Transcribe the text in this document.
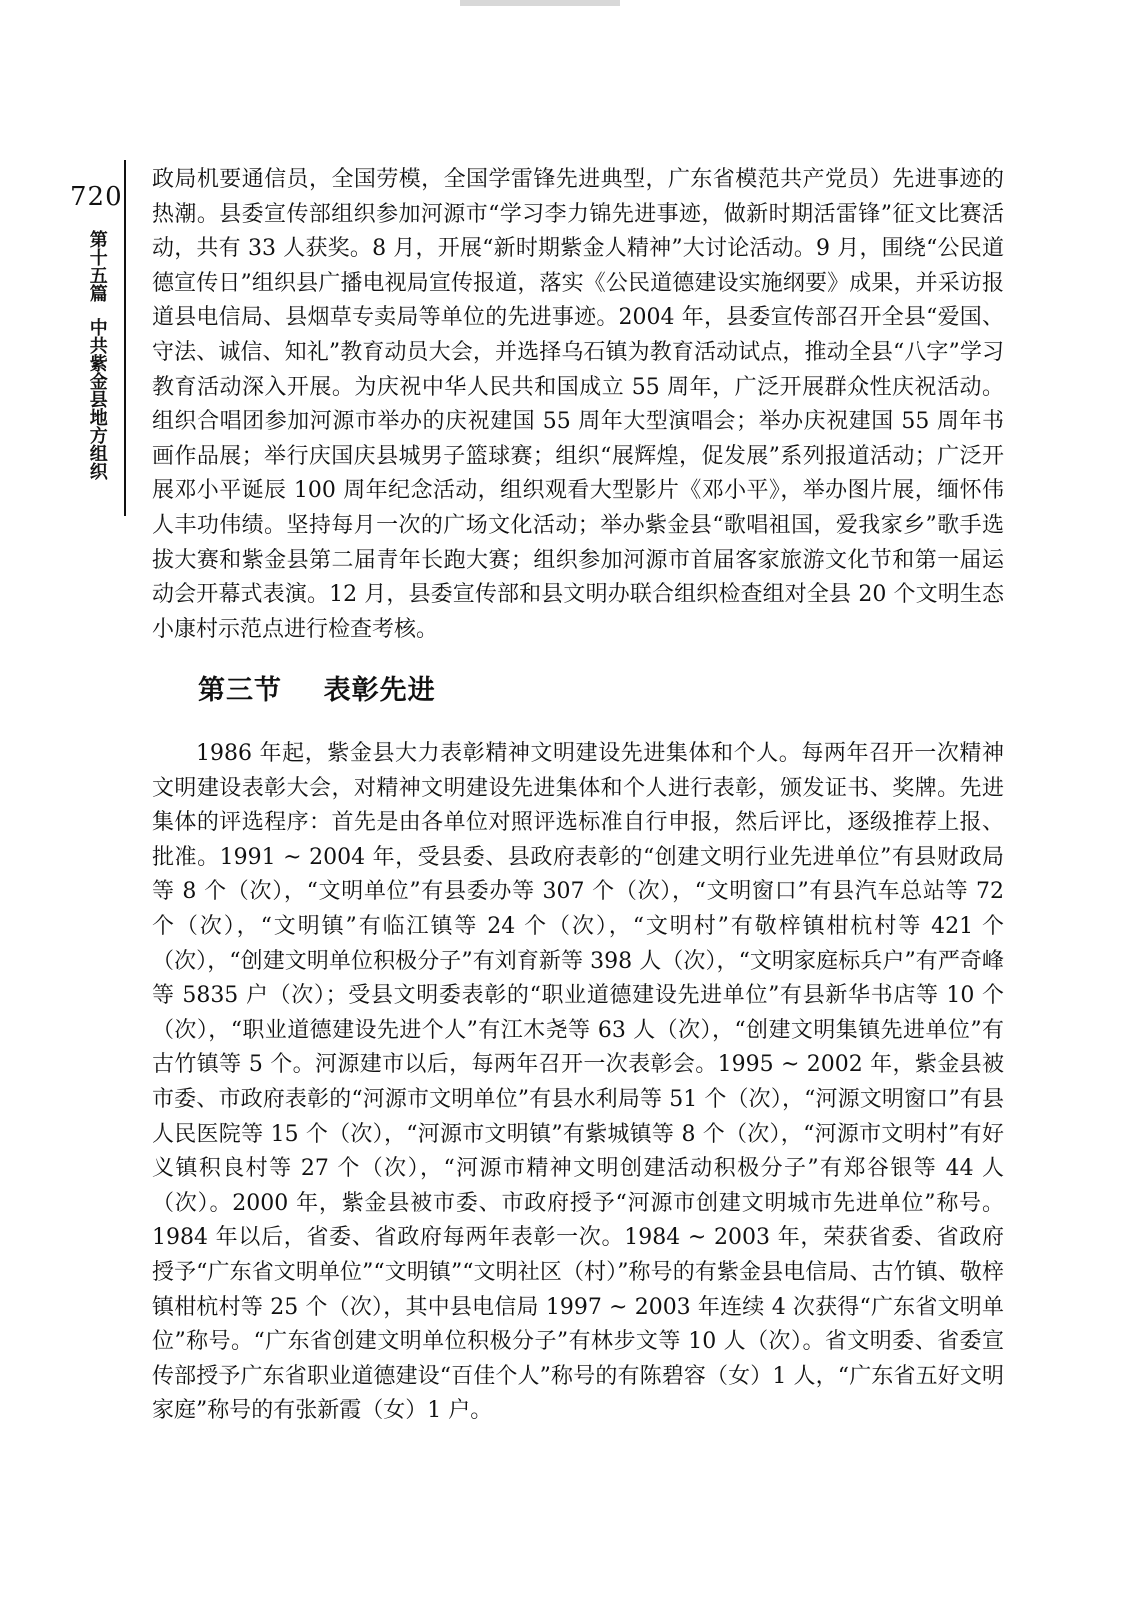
720
第十五篇
中共紫金县地方组织

政局机要通信员，全国劳模，全国学雷锋先进典型，广东省模范共产党员）先进事迹的热潮。县委宣传部组织参加河源市“学习李力锦先进事迹，做新时期活雷锋”征文比赛活动，共有 33 人获奖。8 月，开展“新时期紫金人精神”大讨论活动。9 月，围绕“公民道德宣传日”组织县广播电视局宣传报道，落实《公民道德建设实施纲要》成果，并采访报道县电信局、县烟草专卖局等单位的先进事迹。2004 年，县委宣传部召开全县“爱国、守法、诚信、知礼”教育动员大会，并选择乌石镇为教育活动试点，推动全县“八字”学习教育活动深入开展。为庆祝中华人民共和国成立 55 周年，广泛开展群众性庆祝活动。组织合唱团参加河源市举办的庆祝建国 55 周年大型演唱会；举办庆祝建国 55 周年书画作品展；举行庆国庆县城男子篮球赛；组织“展辉煌，促发展”系列报道活动；广泛开展邓小平诞辰 100 周年纪念活动，组织观看大型影片《邓小平》，举办图片展，缅怀伟人丰功伟绩。坚持每月一次的广场文化活动；举办紫金县“歌唱祖国，爱我家乡”歌手选拔大赛和紫金县第二届青年长跑大赛；组织参加河源市首届客家旅游文化节和第一届运动会开幕式表演。12 月，县委宣传部和县文明办联合组织检查组对全县 20 个文明生态小康村示范点进行检查考核。

第三节    表彰先进

1986 年起，紫金县大力表彰精神文明建设先进集体和个人。每两年召开一次精神文明建设表彰大会，对精神文明建设先进集体和个人进行表彰，颁发证书、奖牌。先进集体的评选程序：首先是由各单位对照评选标准自行申报，然后评比，逐级推荐上报、批准。1991 ~ 2004 年，受县委、县政府表彰的“创建文明行业先进单位”有县财政局等 8 个（次），“文明单位”有县委办等 307 个（次），“文明窗口”有县汽车总站等 72 个（次），“文明镇”有临江镇等 24 个（次），“文明村”有敬梓镇柑杭村等 421 个（次），“创建文明单位积极分子”有刘育新等 398 人（次），“文明家庭标兵户”有严奇峰等 5835 户（次）；受县文明委表彰的“职业道德建设先进单位”有县新华书店等 10 个（次），“职业道德建设先进个人”有江木尧等 63 人（次），“创建文明集镇先进单位”有古竹镇等 5 个。河源建市以后，每两年召开一次表彰会。1995 ~ 2002 年，紫金县被市委、市政府表彰的“河源市文明单位”有县水利局等 51 个（次），“河源文明窗口”有县人民医院等 15 个（次），“河源市文明镇”有紫城镇等 8 个（次），“河源市文明村”有好义镇积良村等 27 个（次），“河源市精神文明创建活动积极分子”有郑谷银等 44 人（次）。2000 年，紫金县被市委、市政府授予“河源市创建文明城市先进单位”称号。1984 年以后，省委、省政府每两年表彰一次。1984 ~ 2003 年，荣获省委、省政府授予“广东省文明单位”“文明镇”“文明社区（村）”称号的有紫金县电信局、古竹镇、敬梓镇柑杭村等 25 个（次），其中县电信局 1997 ~ 2003 年连续 4 次获得“广东省文明单位”称号。“广东省创建文明单位积极分子”有林步文等 10 人（次）。省文明委、省委宣传部授予广东省职业道德建设“百佳个人”称号的有陈碧容（女）1 人，“广东省五好文明家庭”称号的有张新霞（女）1 户。
